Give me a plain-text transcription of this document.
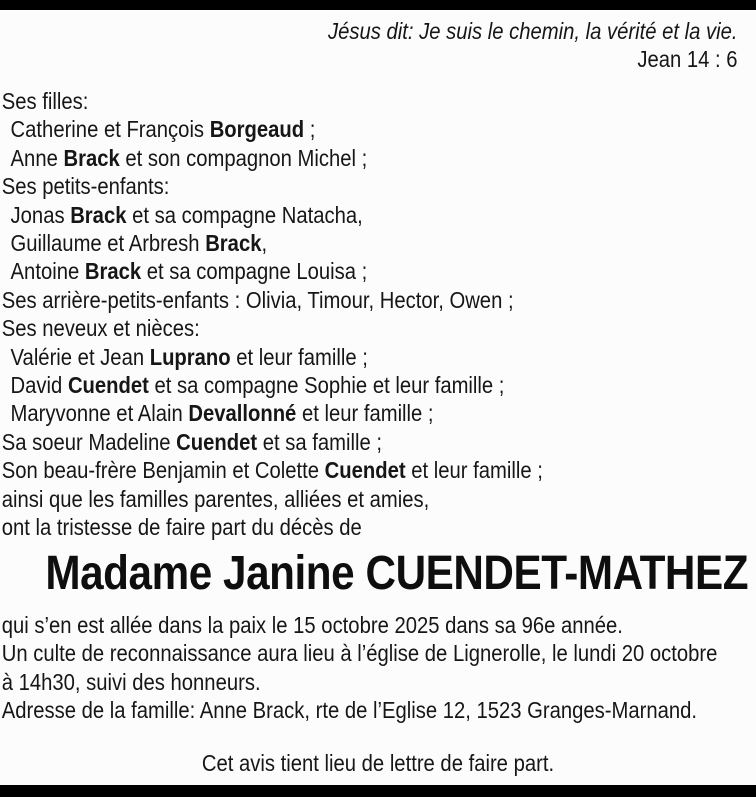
Jésus dit: Je suis le chemin, la vérité et la vie.
Jean 14 : 6
Ses filles:
Catherine et François Borgeaud ;
Anne Brack et son compagnon Michel ;
Ses petits-enfants:
Jonas Brack et sa compagne Natacha,
Guillaume et Arbresh Brack,
Antoine Brack et sa compagne Louisa ;
Ses arrière-petits-enfants : Olivia, Timour, Hector, Owen ;
Ses neveux et nièces:
Valérie et Jean Luprano et leur famille ;
David Cuendet et sa compagne Sophie et leur famille ;
Maryvonne et Alain Devallonné et leur famille ;
Sa soeur Madeline Cuendet et sa famille ;
Son beau-frère Benjamin et Colette Cuendet et leur famille ;
ainsi que les familles parentes, alliées et amies,
ont la tristesse de faire part du décès de
Madame Janine CUENDET-MATHEZ
qui s’en est allée dans la paix le 15 octobre 2025 dans sa 96e année.
Un culte de reconnaissance aura lieu à l’église de Lignerolle, le lundi 20 octobre
à 14h30, suivi des honneurs.
Adresse de la famille: Anne Brack, rte de l’Eglise 12, 1523 Granges-Marnand.
Cet avis tient lieu de lettre de faire part.
